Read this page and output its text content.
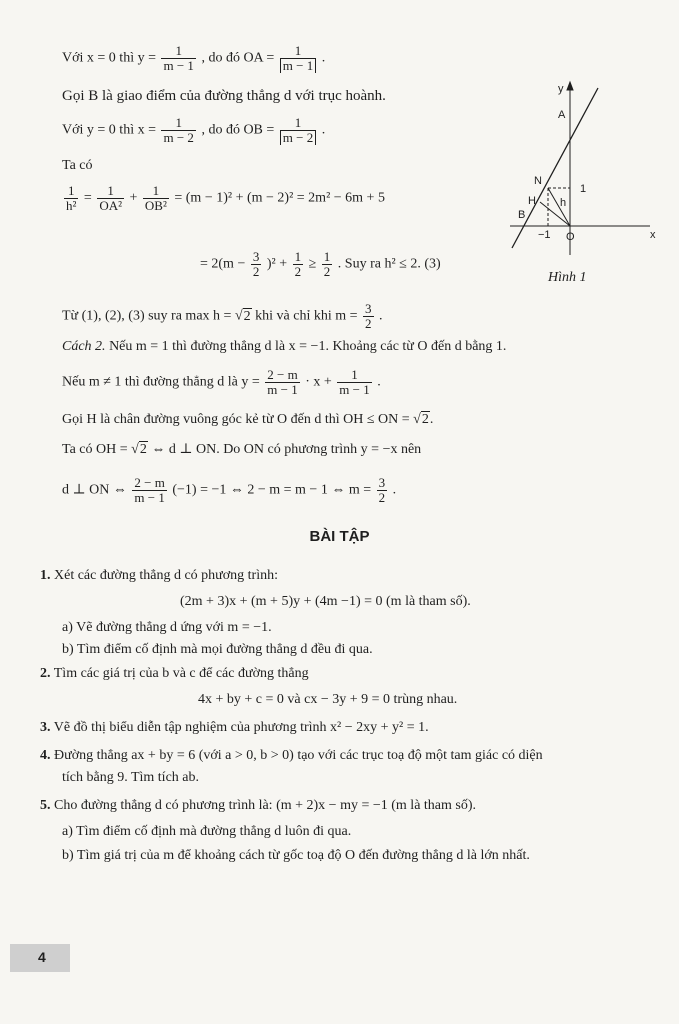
Với x = 0 thì $y = \frac{1}{m - 1}$ , do đó OA = $\frac{1}{m - 1}$ .
Gọi B là giao điểm của đường thẳng d với trục hoành.
Với y = 0 thì $x = \frac{1}{m - 2}$ , do đó OB = $\frac{1}{m - 2}$ .
Ta có
$\frac{1}{\text{h²}} = \frac{1}{\text{OA²}} + \frac{1}{\text{OB²}} = (m - 1)^2 + (m - 2)^2 = 2m^2 - 6m + 5$
= $2(m - \frac{3}{2} )^2 + \frac{1}{2} \ge \frac{1}{2}$ . Suy ra h² ≤ 2. (3)
y
x
A
N
H
B
h
1
−1 O
Hình 1
Từ (1), (2), (3) suy ra max h = √2 khi và chỉ khi $m = \frac{3}{2}$ .
Cách 2. Nếu m = 1 thì đường thẳng d là x = −1. Khoảng các từ O đến d bằng 1.
Nếu m ≠ 1 thì đường thẳng d là $y = \frac{2 - m}{m - 1} \cdot x + \frac{1}{m - 1}$ .
Gọi H là chân đường vuông góc kẻ từ O đến d thì OH ≤ ON = √2.
Ta có OH = √2 ⇔ d ⊥ ON. Do ON có phương trình y = −x nên
d ⊥ ON ⇔ $\frac{2 - m}{m - 1} (-1) = -1$ ⇔ 2 − m = m − 1 ⇔ $m = \frac{3}{2}$ .
BÀI TẬP
1. Xét các đường thẳng d có phương trình:
(2m + 3)x + (m + 5)y + (4m −1) = 0 (m là tham số).
a) Vẽ đường thẳng d ứng với m = −1.
b) Tìm điểm cố định mà mọi đường thẳng d đều đi qua.
2. Tìm các giá trị của b và c để các đường thẳng
4x + by + c = 0 và cx − 3y + 9 = 0 trùng nhau.
3. Vẽ đồ thị biểu diễn tập nghiệm của phương trình x² − 2xy + y² = 1.
4. Đường thẳng ax + by = 6 (với a > 0, b > 0) tạo với các trục toạ độ một tam giác có diện
tích bằng 9. Tìm tích ab.
5. Cho đường thẳng d có phương trình là: (m + 2)x − my = −1 (m là tham số).
a) Tìm điểm cố định mà đường thẳng d luôn đi qua.
b) Tìm giá trị của m để khoảng cách từ gốc toạ độ O đến đường thẳng d là lớn nhất.
4
